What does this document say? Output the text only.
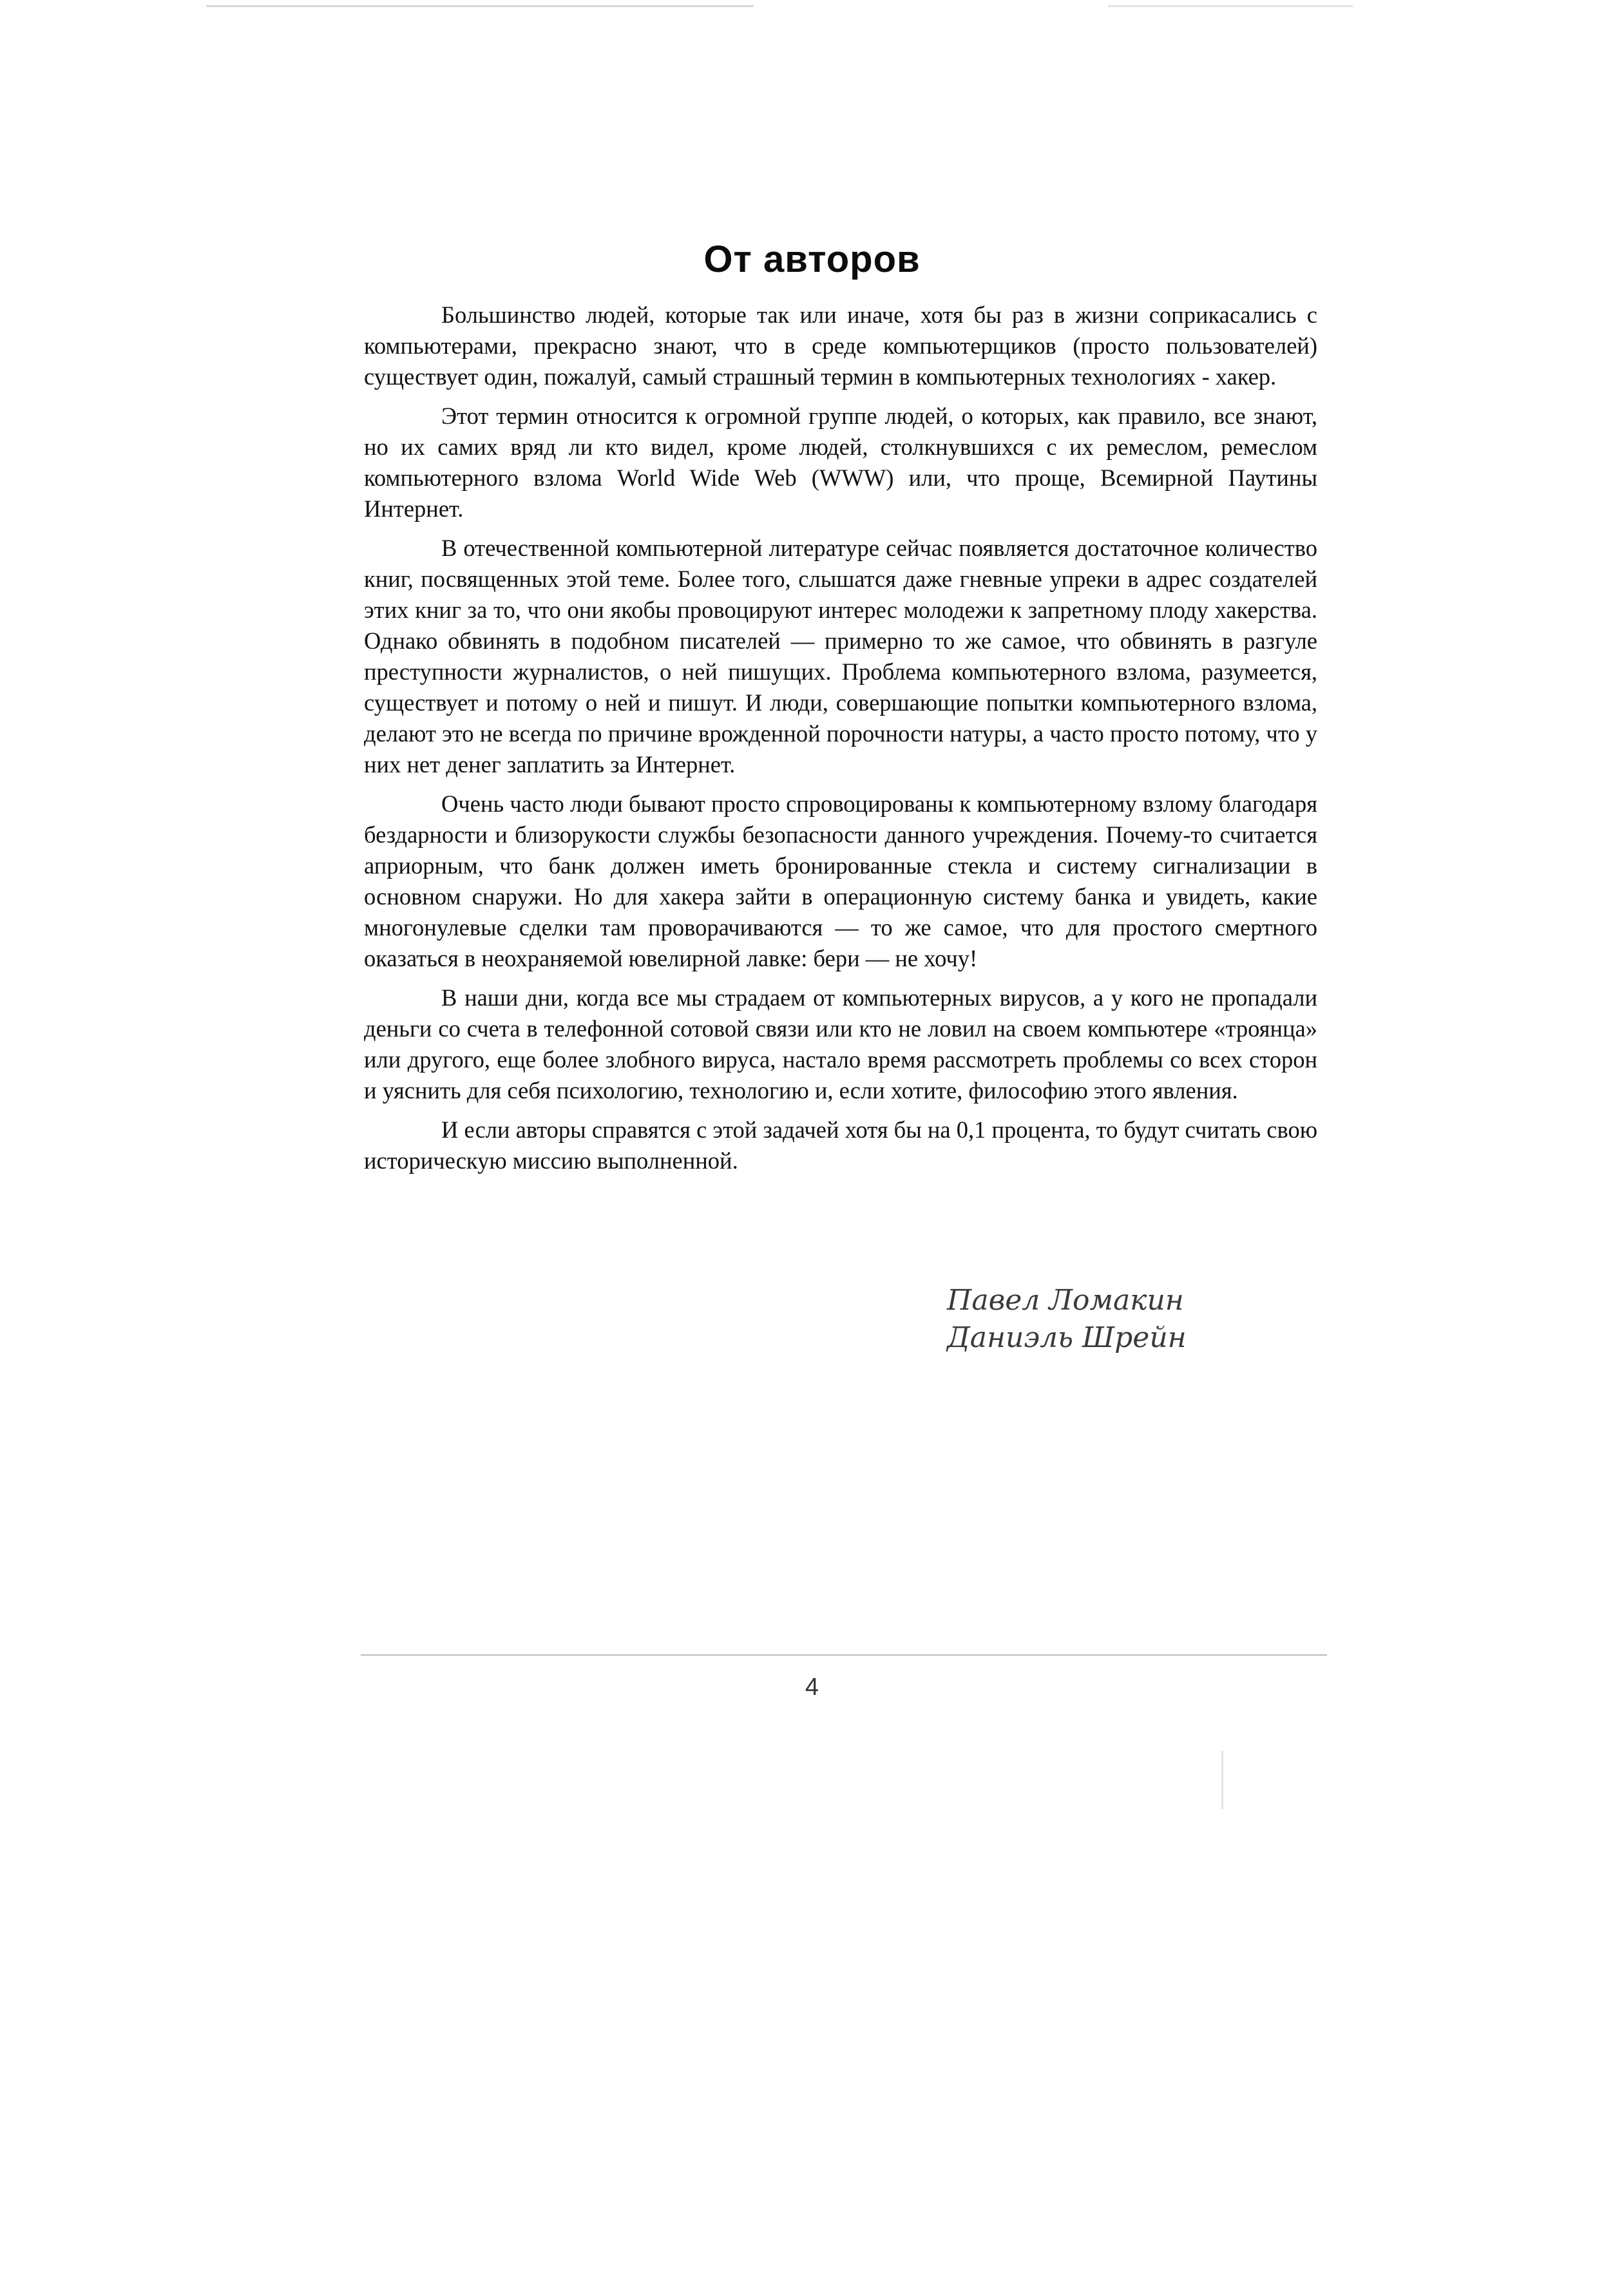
От авторов

Большинство людей, которые так или иначе, хотя бы раз в жизни соприкасались с компьютерами, прекрасно знают, что в среде компьютерщиков (просто пользователей) существует один, пожалуй, самый страшный термин в компьютерных технологиях - хакер.

Этот термин относится к огромной группе людей, о которых, как правило, все знают, но их самих вряд ли кто видел, кроме людей, столкнувшихся с их ремеслом, ремеслом компьютерного взлома World Wide Web (WWW) или, что проще, Всемирной Паутины Интернет.

В отечественной компьютерной литературе сейчас появляется достаточное количество книг, посвященных этой теме. Более того, слышатся даже гневные упреки в адрес создателей этих книг за то, что они якобы провоцируют интерес молодежи к запретному плоду хакерства. Однако обвинять в подобном писателей — примерно то же самое, что обвинять в разгуле преступности журналистов, о ней пишущих. Проблема компьютерного взлома, разумеется, существует и потому о ней и пишут. И люди, совершающие попытки компьютерного взлома, делают это не всегда по причине врожденной порочности натуры, а часто просто потому, что у них нет денег заплатить за Интернет.

Очень часто люди бывают просто спровоцированы к компьютерному взлому благодаря бездарности и близорукости службы безопасности данного учреждения. Почему-то считается априорным, что банк должен иметь бронированные стекла и систему сигнализации в основном снаружи. Но для хакера зайти в операционную систему банка и увидеть, какие многонулевые сделки там проворачиваются — то же самое, что для простого смертного оказаться в неохраняемой ювелирной лавке: бери — не хочу!

В наши дни, когда все мы страдаем от компьютерных вирусов, а у кого не пропадали деньги со счета в телефонной сотовой связи или кто не ловил на своем компьютере «троянца» или другого, еще более злобного вируса, настало время рассмотреть проблемы со всех сторон и уяснить для себя психологию, технологию и, если хотите, философию этого явления.

И если авторы справятся с этой задачей хотя бы на 0,1 процента, то будут считать свою историческую миссию выполненной.

Павел Ломакин
Даниэль Шрейн
4
